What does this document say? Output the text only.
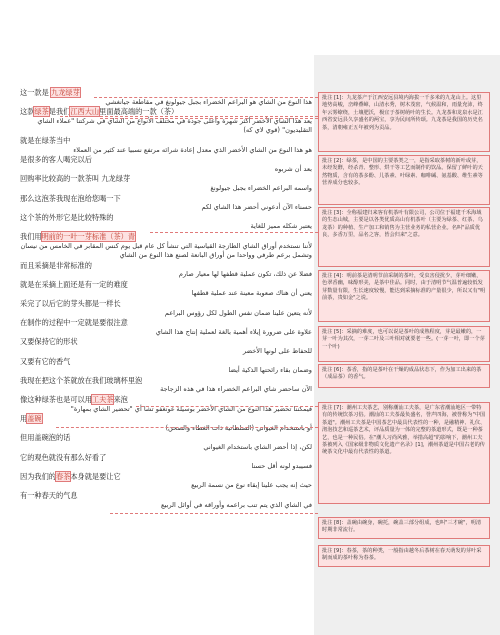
这一款是 九龙绿芽
هذا النوع من الشاي هو البراعم الخضراء بجبل جيولونغ في مقاطعة جيانغشي
这款绿茶是我们江西大山里面最高端的一款（茶）
يعد هذا الشاي الأخضر أكثر شهرة وأعلى جودة في مختلف الأنواع من الشاي في شركتنا "عملاء الشاي التقليديون" (قوي لاي كه)
就是在绿茶当中
هو هذا النوع من الشاي الأخضر الذي معدل إعادة شرائه مرتفع نسبيا عند كثير من العملاء
是很多的客人喝完以后
بعد أن شربوه
回购率比较高的一款茶叫 九龙绿芽
واسمه البراعم الخضراء بجبل جيولونغ
那么这泡茶我现在泡给您喝一下
حسناء الآن أدعوني أحضر هذا الشاي لكم
这个茶的外形它是比较特殊的
يعتبر شكله مميز للغاية
我们用明前的一叶一芽标准（茶）青
لأننا نستخدم أوراق الشاي الطازجة القياسية التي تنشأ كل عام قبل يوم كنس المقابر في الخامس من نيسان وتشمل برعم طرفي وواحدا من أوراق البانعة لصنع هذا النوع من الشاي
而且采摘是非常标准的
فضلا عن ذلك، تكون عملية قطفها لها معيار صارم
就是在采摘上面还是有一定的难度
يعني أن هناك صعوبة معينة عند عملية قطفها
采完了以后它的芽头都是一样长
لأنه يتعين علينا ضمان نفس الطول لكل رؤوس البراعم
在制作的过程中一定就是要很注意
علاوة على ضرورة إيلاء أهمية بالغة لعملية إنتاج هذا الشاي
又要保持它的形状
للحفاظ على لونها الأخضر
又要有它的香气
وضمان بقاء رائحتها الذكية أيضا
我现在把这个茶就放在我们玻璃杯里泡
الآن ساحضر شاي البراعم الخضراء هذا في هذه الزجاجة
像这种绿茶也是可以用工夫茶来泡
فيمكننا تحضير هذا النوع من الشاي الأخضر بوسيلة غونغفو تشا أي "تحضير الشاي بمهارة"
用盖碗
أو باستخدام الغيواني (السلطانية ذات الغطاء والصحن)
但用盖碗泡的话
لكن، إذا أحضر الشاي باستخدام الغيواني
它的观色就没有那么好看了
فسيبدو لونه أقل حسنا
因为我们的春茶本身就是要让它
حيث إنه يجب علينا إبقاء نوع من نسمة الربيع
有一种春天的气息
في الشاي الذي يتم تنب براعمه وأوراقه في أوائل الربيع
批注 [1]：九龙茶产于江西安远县境内海拔一千多米的九龙山上。这里地势高峻，峦峰叠嶂，山清水秀，树木茂密，气候温和，雨量充沛，终年云雾缭绕，土壤肥沃，极宜于茶树萌叶的生长。九龙茶和龙泉水是江西省安远县久享盛名的两宝，享为民间所传颂。九龙茶是我国的历史名茶，清朝雍正五年被列为贡品。
批注 [2]：绿茶，是中国的主要茶类之一，是指采取茶树的新叶或芽，未经发酵，经杀青、整形、烘干等工艺而制作的饮品。保留了鲜叶的天然物质，含有的茶多酚、儿茶素、叶绿素、咖啡碱、氨基酸、维生素等营养成分也较多。
批注 [3]：全称福建归来客有机茶叶有限公司，公司位于福建千禾海域的生态山城，主要是以各类优质高山有机茶叶（主要为绿茶、红茶、乌龙茶）的种植、生产加工和销售为主营业务的私营企业。名叫"品质优良，多香万里，品名之客，皆会归来"之意。
批注 [4]：明前茶是清明节前采制的茶叶，受虫害侵扰少，芽叶细嫩，色翠香幽，味醇形美，是茶中佳品。同时，由于清明节气温普遍较低发芽数量有限，生长速度较慢，能达到采摘标准的产量很少，所以又有"明前茶，贵如金"之说。
批注 [5]：采摘的难度，也可以说是茶叶的成熟程度，芽是最嫩的，一芽一叶为其次，一芽二叶及三叶相对就要老一些。(一芽一叶，即一个芽一个叶)
批注 [6]：茶香，指的是茶叶在干燥的成品状态下，作为加工出来的茶（成品茶）的香气。
批注 [7]：潮州工夫茶艺，别称潮汕工夫茶，是广东省潮汕地区一带特有的传统饮茶习俗。潮汕的工夫茶最负盛名，誉声四海，被誉称为"中国茶道"。潮州工夫茶是中国茶艺中最具代表性的一种，是融精神、礼仪、沏泡技艺和巡茶艺术，评品质量为一体的完整的茶道形式，既是一种茶艺，也是一种民俗。在"潮人习尚风雅，举措高超"的影响下，潮州工夫茶被列入《国家级非物质文化遗产名录》[1]，潮州茶道是中国古老的传统茶文化中最有代表性的茶道。
批注 [8]：盖碗由碗身，碗托，碗盖三部分组成，也叫"三才碗"，明清时期非常流行。
批注 [9]：春茶，茶的种类，一般指由越冬后茶树在春天萌发的芽叶采制而成的茶叶称为春茶。
